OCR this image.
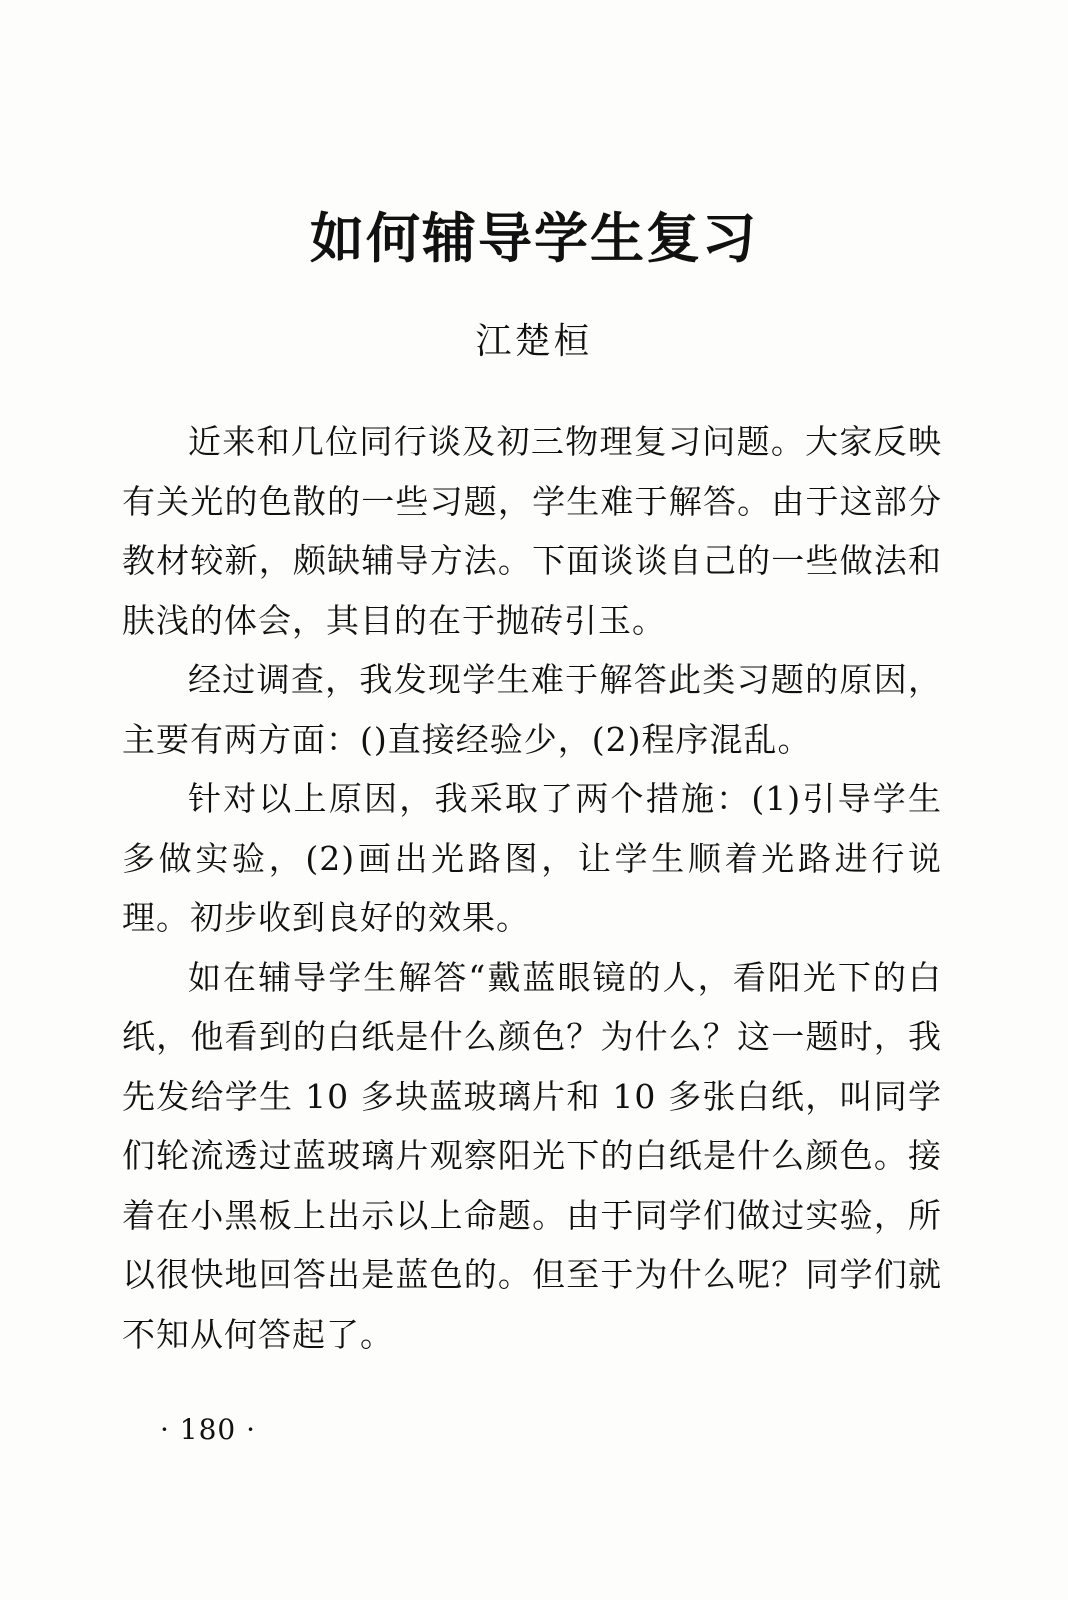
如何辅导学生复习
江楚桓

近来和几位同行谈及初三物理复习问题。大家反映有关光的色散的一些习题，学生难于解答。由于这部分教材较新，颇缺辅导方法。下面谈谈自己的一些做法和肤浅的体会，其目的在于抛砖引玉。

经过调查，我发现学生难于解答此类习题的原因，主要有两方面：()直接经验少，(2)程序混乱。

针对以上原因，我采取了两个措施：(1)引导学生多做实验，(2)画出光路图，让学生顺着光路进行说理。初步收到良好的效果。

如在辅导学生解答“戴蓝眼镜的人，看阳光下的白纸，他看到的白纸是什么颜色？为什么？这一题时，我先发给学生 10 多块蓝玻璃片和 10 多张白纸，叫同学们轮流透过蓝玻璃片观察阳光下的白纸是什么颜色。接着在小黑板上出示以上命题。由于同学们做过实验，所以很快地回答出是蓝色的。但至于为什么呢？同学们就不知从何答起了。

· 180 ·
